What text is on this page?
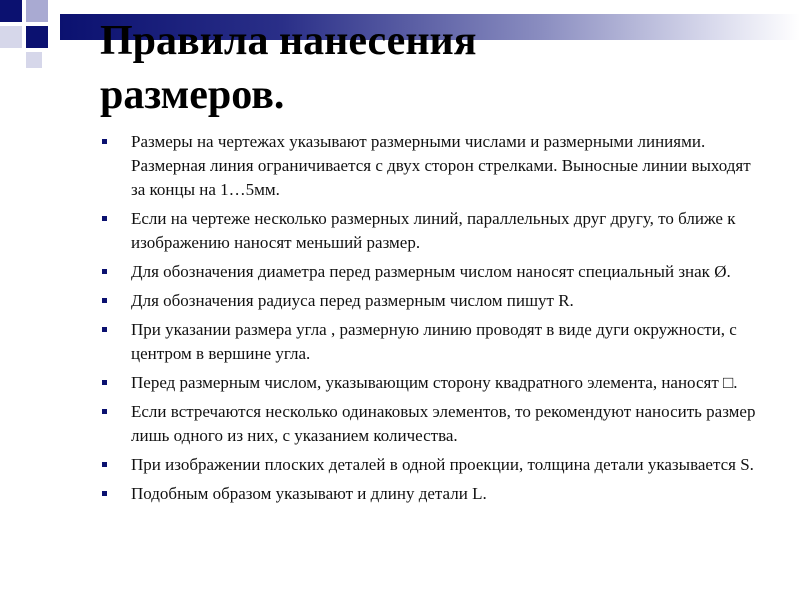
Правила нанесения
размеров.
Размеры на чертежах указывают размерными числами и размерными линиями. Размерная линия ограничивается с двух сторон стрелками. Выносные линии выходят за концы на 1…5мм.
Если на чертеже несколько размерных линий, параллельных друг другу, то ближе к изображению наносят меньший размер.
Для обозначения диаметра перед размерным числом наносят специальный знак Ø.
Для обозначения радиуса перед размерным числом пишут R.
При указании размера угла , размерную линию проводят в виде дуги окружности, с центром в вершине угла.
Перед размерным числом, указывающим сторону квадратного элемента, наносят □.
Если встречаются несколько одинаковых элементов, то рекомендуют наносить размер лишь одного из них, с указанием количества.
При изображении плоских деталей в одной проекции, толщина детали указывается S.
Подобным образом указывают и длину детали L.
